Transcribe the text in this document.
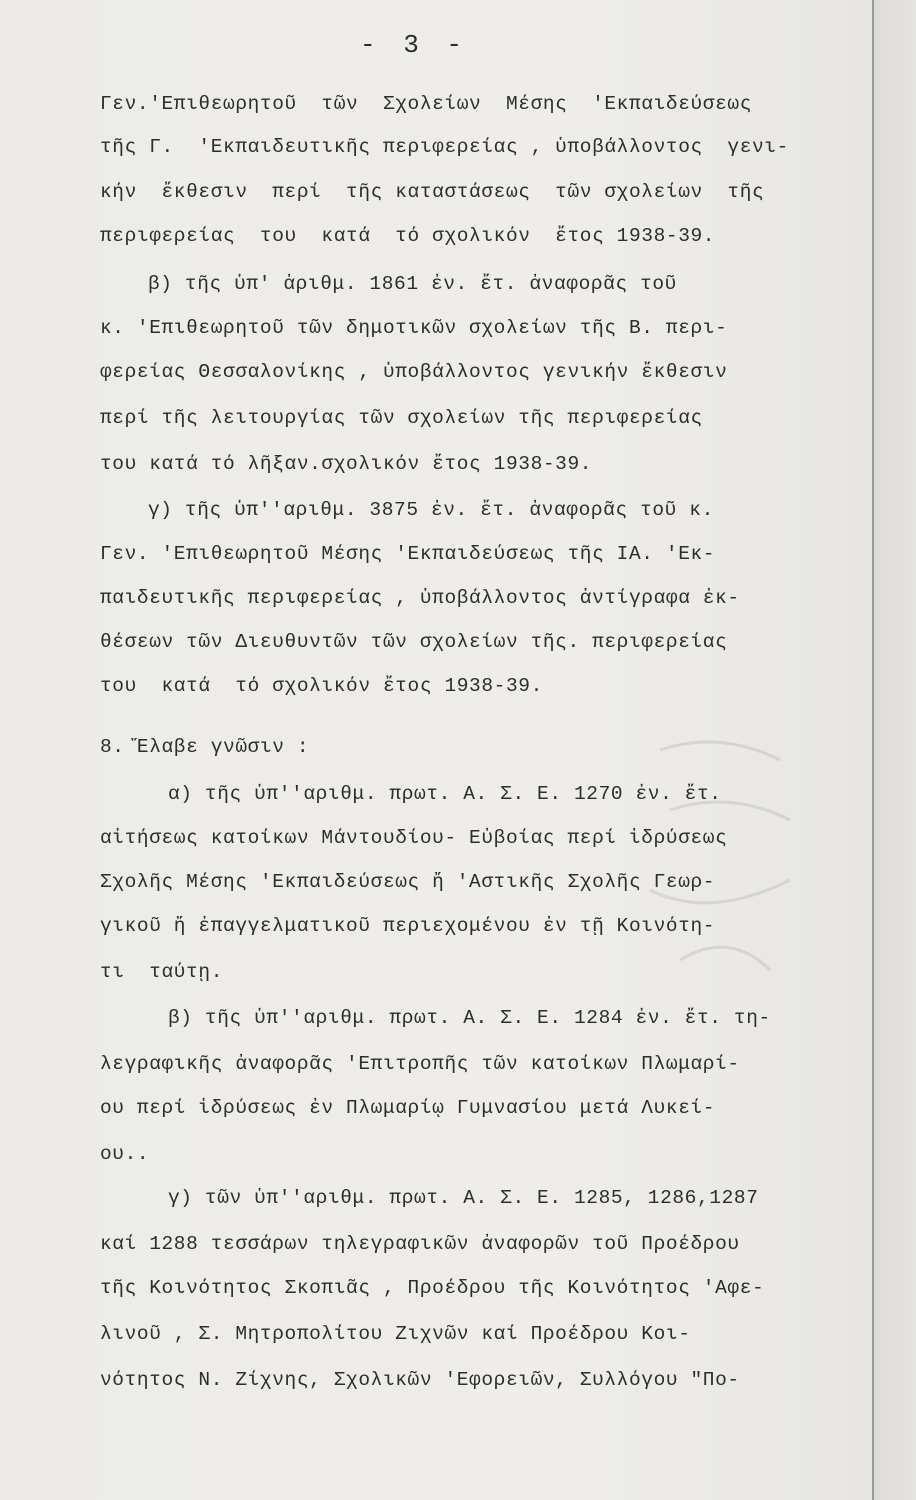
- 3 -
Γεν.'Επιθεωρητοῦ  τῶν  Σχολείων  Μέσης  'Εκπαιδεύσεως
τῆς Γ.  'Εκπαιδευτικῆς περιφερείας , ὑποβάλλοντος  γενι-
κήν  ἔκθεσιν  περί  τῆς καταστάσεως  τῶν σχολείων  τῆς
περιφερείας  του  κατά  τό σχολικόν  ἔτος 1938-39.
β) τῆς ὑπ' ἀριθμ. 1861 ἐν. ἔτ. ἀναφορᾶς τοῦ
κ. 'Επιθεωρητοῦ τῶν δημοτικῶν σχολείων τῆς Β. περι-
φερείας Θεσσαλονίκης , ὑποβάλλοντος γενικήν ἔκθεσιν
περί τῆς λειτουργίας τῶν σχολείων τῆς περιφερείας
του κατά τό λῆξαν.σχολικόν ἔτος 1938-39.
γ) τῆς ὑπ''αριθμ. 3875 ἐν. ἔτ. ἀναφορᾶς τοῦ κ.
Γεν. 'Επιθεωρητοῦ Μέσης 'Εκπαιδεύσεως τῆς ΙΑ. 'Εκ-
παιδευτικῆς περιφερείας , ὑποβάλλοντος ἀντίγραφα ἐκ-
θέσεων τῶν Διευθυντῶν τῶν σχολείων τῆς. περιφερείας
του  κατά  τό σχολικόν ἔτος 1938-39.
8. Ἔλαβε γνῶσιν :
α) τῆς ὑπ''αριθμ. πρωτ. Α. Σ. Ε. 1270 ἐν. ἔτ.
αἰτήσεως κατοίκων Μάντουδίου- Εὐβοίας περί ἱδρύσεως
Σχολῆς Μέσης 'Εκπαιδεύσεως ἤ 'Αστικῆς Σχολῆς Γεωρ-
γικοῦ ἤ ἐπαγγελματικοῦ περιεχομένου ἐν τῇ Κοινότη-
τι  ταύτῃ.
β) τῆς ὑπ''αριθμ. πρωτ. Α. Σ. Ε. 1284 ἐν. ἔτ. τη-
λεγραφικῆς ἀναφορᾶς 'Επιτροπῆς τῶν κατοίκων Πλωμαρί-
ου περί ἱδρύσεως ἐν Πλωμαρίῳ Γυμνασίου μετά Λυκεί-
ου..
γ) τῶν ὑπ''αριθμ. πρωτ. Α. Σ. Ε. 1285, 1286,1287
καί 1288 τεσσάρων τηλεγραφικῶν ἀναφορῶν τοῦ Προέδρου
τῆς Κοινότητος Σκοπιᾶς , Προέδρου τῆς Κοινότητος 'Αφε-
λινοῦ , Σ. Μητροπολίτου Ζιχνῶν καί Προέδρου Κοι-
νότητος Ν. Ζίχνης, Σχολικῶν 'Εφορειῶν, Συλλόγου "Πο-
